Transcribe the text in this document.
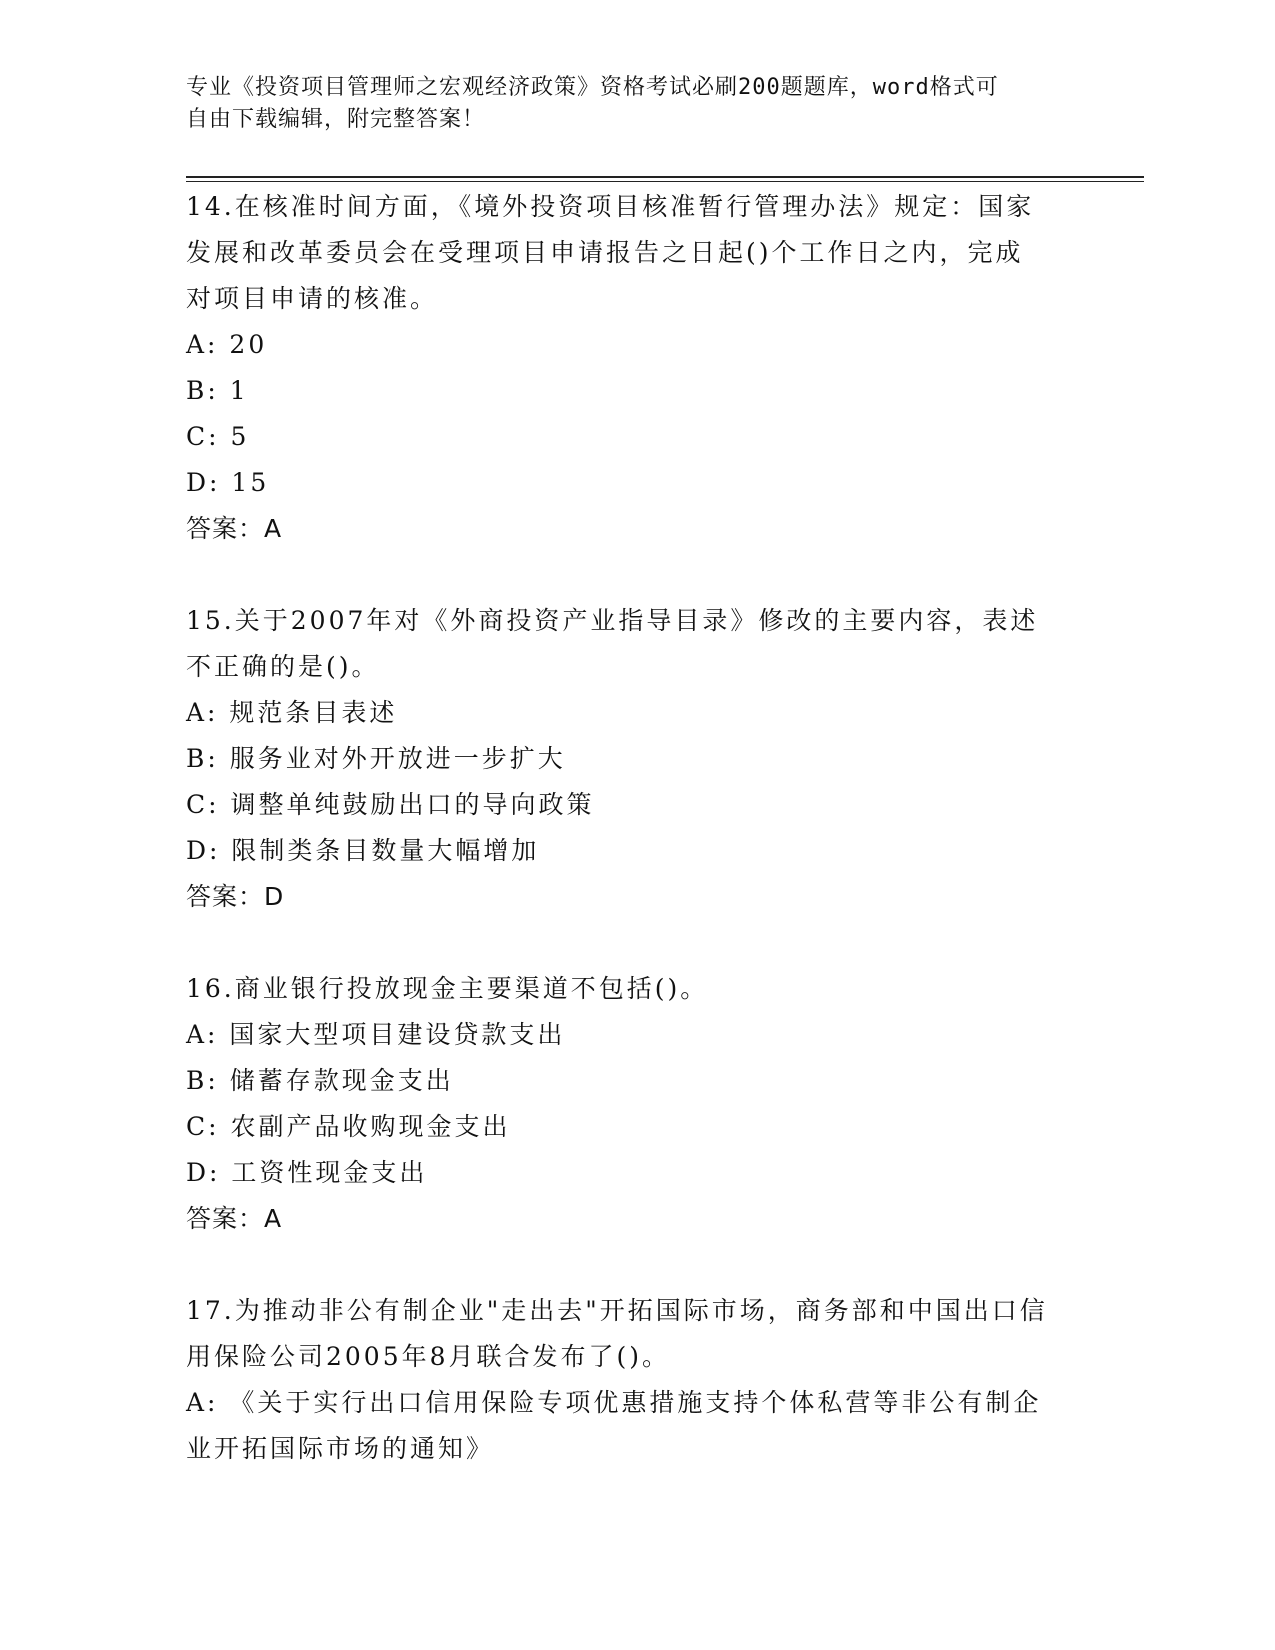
专业《投资项目管理师之宏观经济政策》资格考试必刷200题题库，word格式可
自由下载编辑，附完整答案！

14.在核准时间方面，《境外投资项目核准暂行管理办法》规定：国家

发展和改革委员会在受理项目申请报告之日起()个工作日之内，完成

对项目申请的核准。

A: 20

B: 1

C: 5

D: 15

答案：A

15.关于2007年对《外商投资产业指导目录》修改的主要内容，表述

不正确的是()。

A: 规范条目表述

B: 服务业对外开放进一步扩大

C: 调整单纯鼓励出口的导向政策

D: 限制类条目数量大幅增加

答案：D

16.商业银行投放现金主要渠道不包括()。

A: 国家大型项目建设贷款支出

B: 储蓄存款现金支出

C: 农副产品收购现金支出

D: 工资性现金支出

答案：A

17.为推动非公有制企业"走出去"开拓国际市场，商务部和中国出口信

用保险公司2005年8月联合发布了()。

A: 《关于实行出口信用保险专项优惠措施支持个体私营等非公有制企

业开拓国际市场的通知》
